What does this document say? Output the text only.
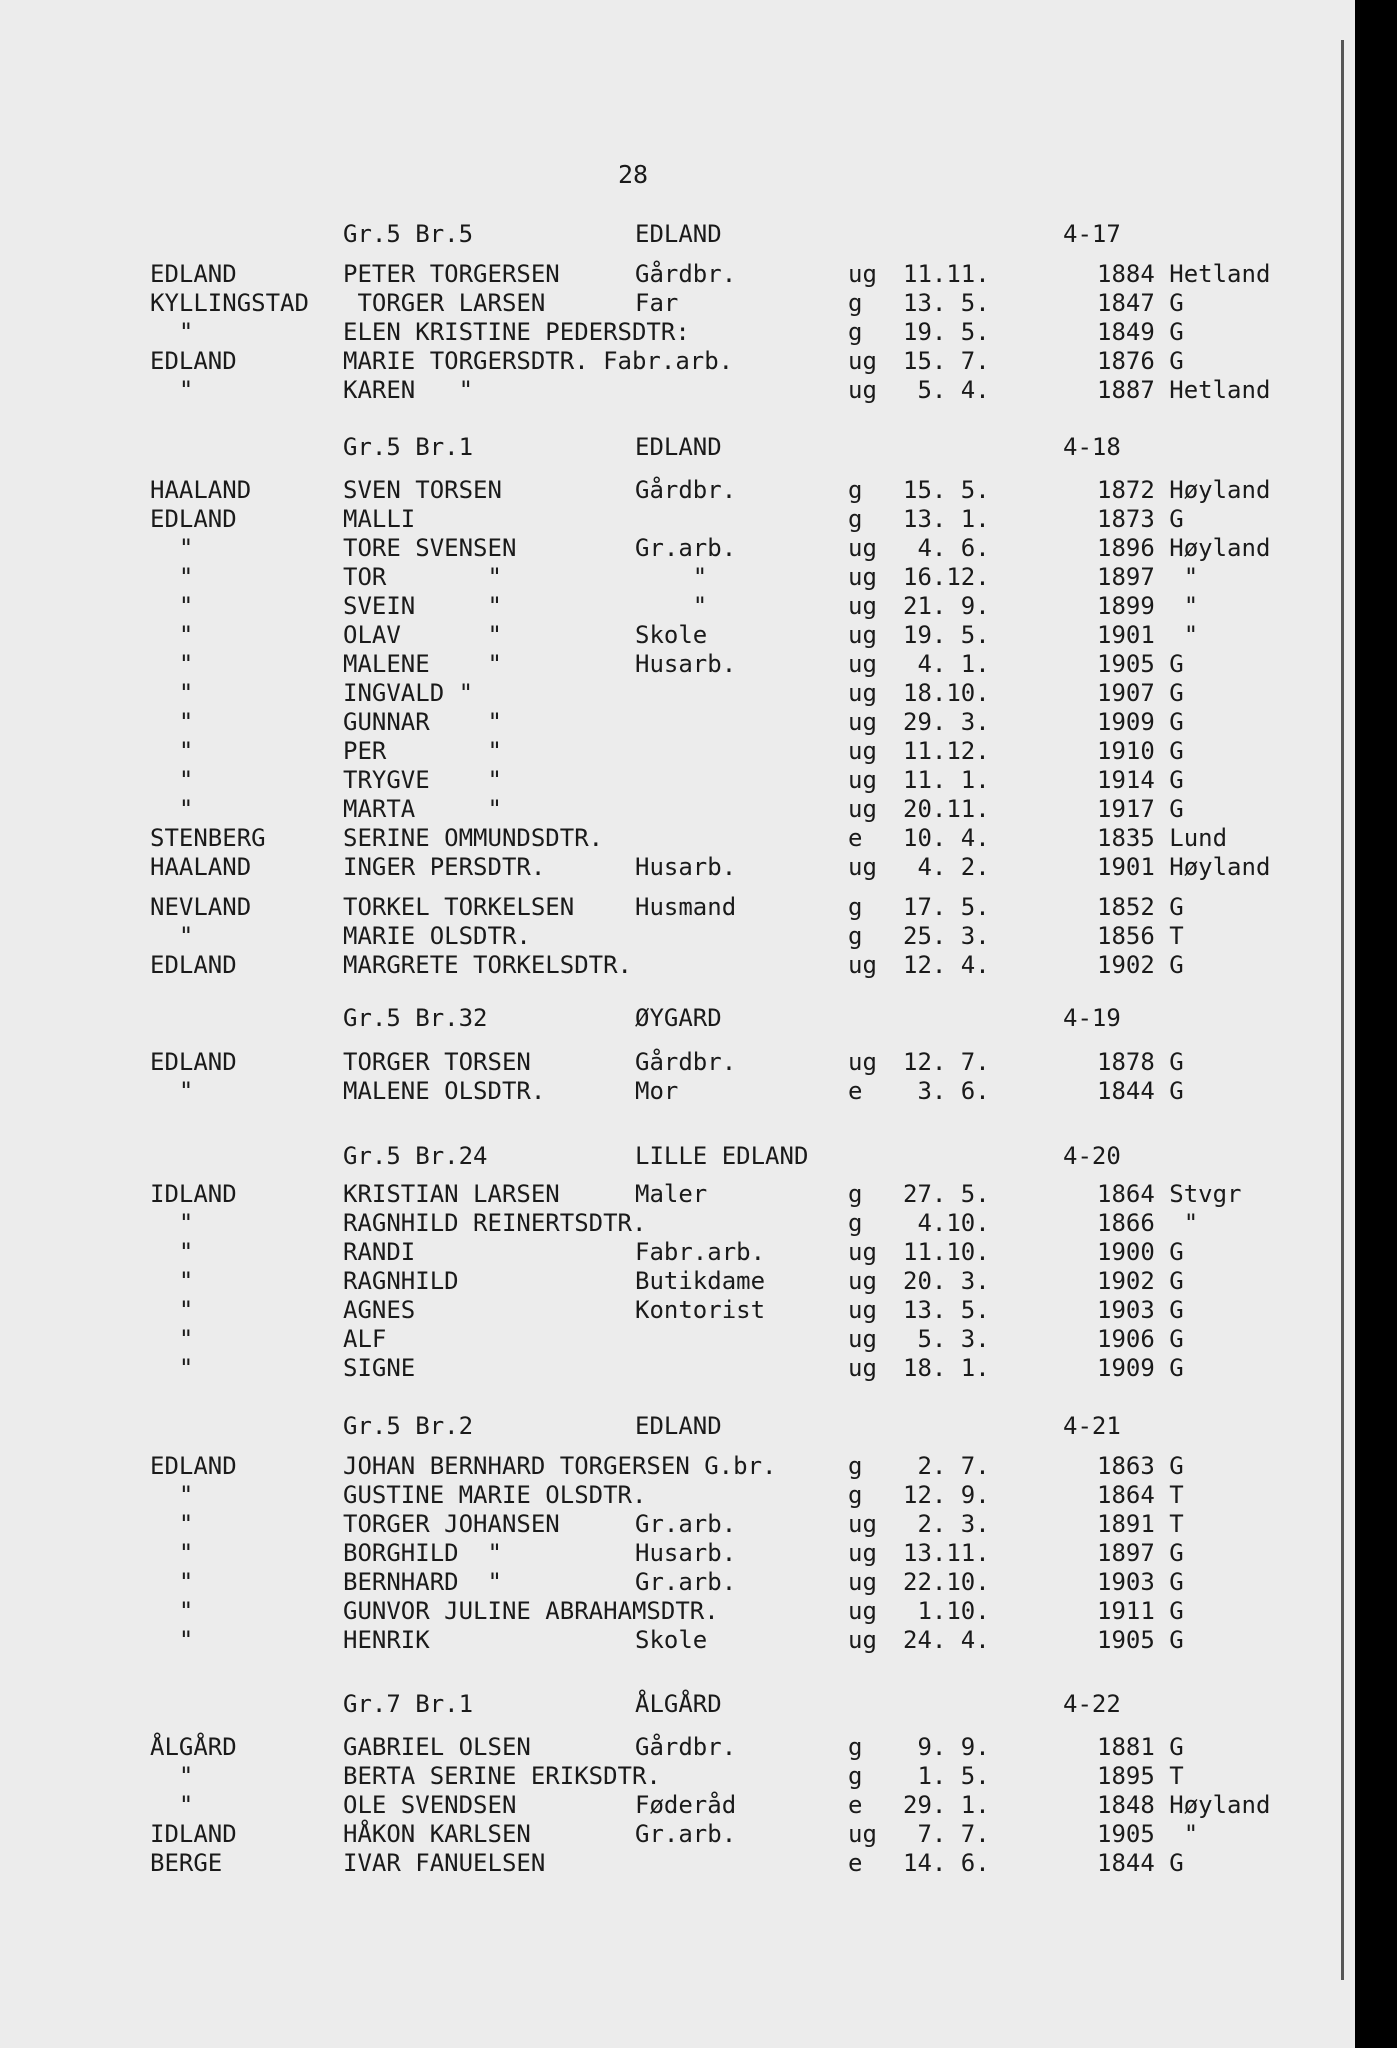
28
Gr.5 Br.5	EDLAND	4-17
EDLAND	PETER TORGERSEN	Gårdbr.	ug 11.11.	1884 Hetland
KYLLINGSTAD TORGER LARSEN	Far	g 13. 5.	1847 G
"	ELEN KRISTINE PEDERSDTR:	g 19. 5.	1849 G
EDLAND	MARIE TORGERSDTR. Fabr.arb.	ug 15. 7.	1876 G
"	KAREN   "	ug 5. 4.	1887 Hetland
Gr.5 Br.1	EDLAND	4-18
HAALAND	SVEN TORSEN	Gårdbr.	g 15. 5.	1872 Høyland
EDLAND	MALLI	g 13. 1.	1873 G
"	TORE SVENSEN	Gr.arb.	ug 4. 6.	1896 Høyland
"	TOR       "	"	ug 16.12.	1897  "
"	SVEIN     "	"	ug 21. 9.	1899  "
"	OLAV      "	Skole	ug 19. 5.	1901  "
"	MALENE    "	Husarb.	ug 4. 1.	1905 G
"	INGVALD "	ug 18.10.	1907 G
"	GUNNAR    "	ug 29. 3.	1909 G
"	PER       "	ug 11.12.	1910 G
"	TRYGVE    "	ug 11. 1.	1914 G
"	MARTA     "	ug 20.11.	1917 G
STENBERG	SERINE OMMUNDSDTR.	e 10. 4.	1835 Lund
HAALAND	INGER PERSDTR.	Husarb.	ug 4. 2.	1901 Høyland
NEVLAND	TORKEL TORKELSEN	Husmand	g 17. 5.	1852 G
"	MARIE OLSDTR.	g 25. 3.	1856 T
EDLAND	MARGRETE TORKELSDTR.	ug 12. 4.	1902 G
Gr.5 Br.32	ØYGARD	4-19
EDLAND	TORGER TORSEN	Gårdbr.	ug 12. 7.	1878 G
"	MALENE OLSDTR.	Mor	e 3. 6.	1844 G
Gr.5 Br.24	LILLE EDLAND	4-20
IDLAND	KRISTIAN LARSEN	Maler	g 27. 5.	1864 Stvgr
"	RAGNHILD REINERTSDTR.	g 4.10.	1866  "
"	RANDI	Fabr.arb.	ug 11.10.	1900 G
"	RAGNHILD	Butikdame	ug 20. 3.	1902 G
"	AGNES	Kontorist	ug 13. 5.	1903 G
"	ALF	ug 5. 3.	1906 G
"	SIGNE	ug 18. 1.	1909 G
Gr.5 Br.2	EDLAND	4-21
EDLAND	JOHAN BERNHARD TORGERSEN G.br.	g 2. 7.	1863 G
"	GUSTINE MARIE OLSDTR.	g 12. 9.	1864 T
"	TORGER JOHANSEN	Gr.arb.	ug 2. 3.	1891 T
"	BORGHILD  "	Husarb.	ug 13.11.	1897 G
"	BERNHARD  "	Gr.arb.	ug 22.10.	1903 G
"	GUNVOR JULINE ABRAHAMSDTR.	ug 1.10.	1911 G
"	HENRIK	Skole	ug 24. 4.	1905 G
Gr.7 Br.1	ÅLGÅRD	4-22
ÅLGÅRD	GABRIEL OLSEN	Gårdbr.	g 9. 9.	1881 G
"	BERTA SERINE ERIKSDTR.	g 1. 5.	1895 T
"	OLE SVENDSEN	Føderåd	e 29. 1.	1848 Høyland
IDLAND	HÅKON KARLSEN	Gr.arb.	ug 7. 7.	1905  "
BERGE	IVAR FANUELSEN	e 14. 6.	1844 G
